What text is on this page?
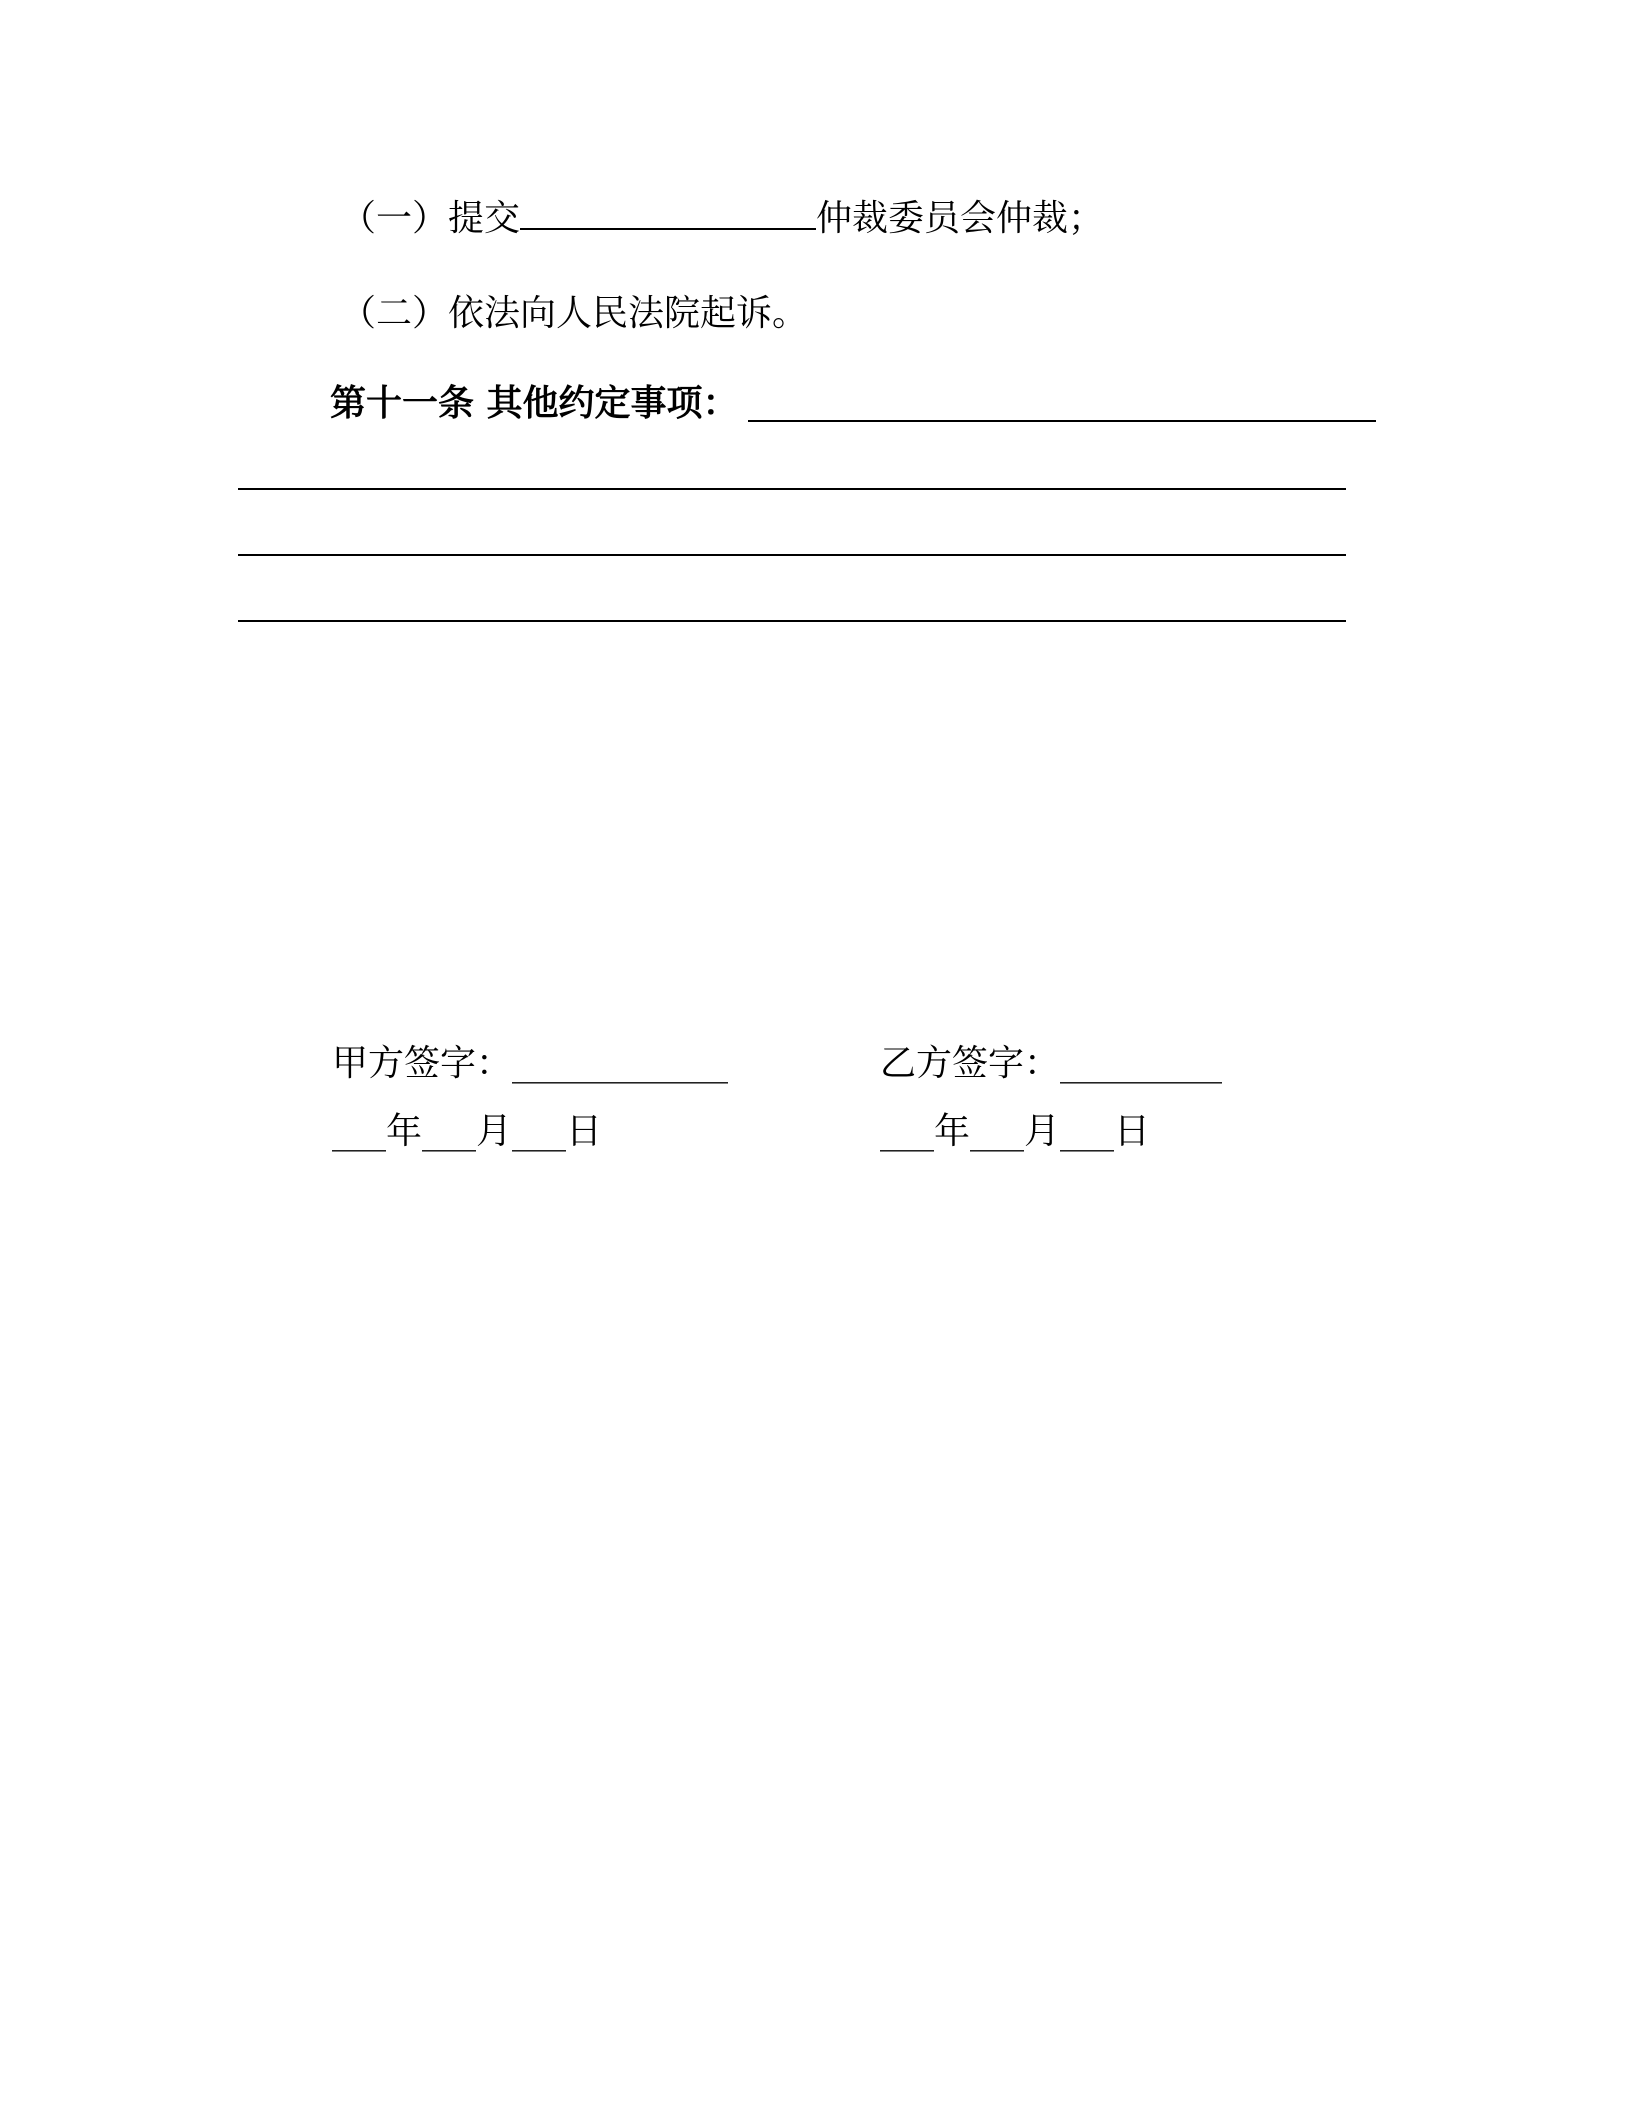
（一）提交	仲裁委员会仲裁；
（二）依法向人民法院起诉。
第十一条 其他约定事项：
甲方签字：____________
___年___月___日
乙方签字：_________
___年___月___日
